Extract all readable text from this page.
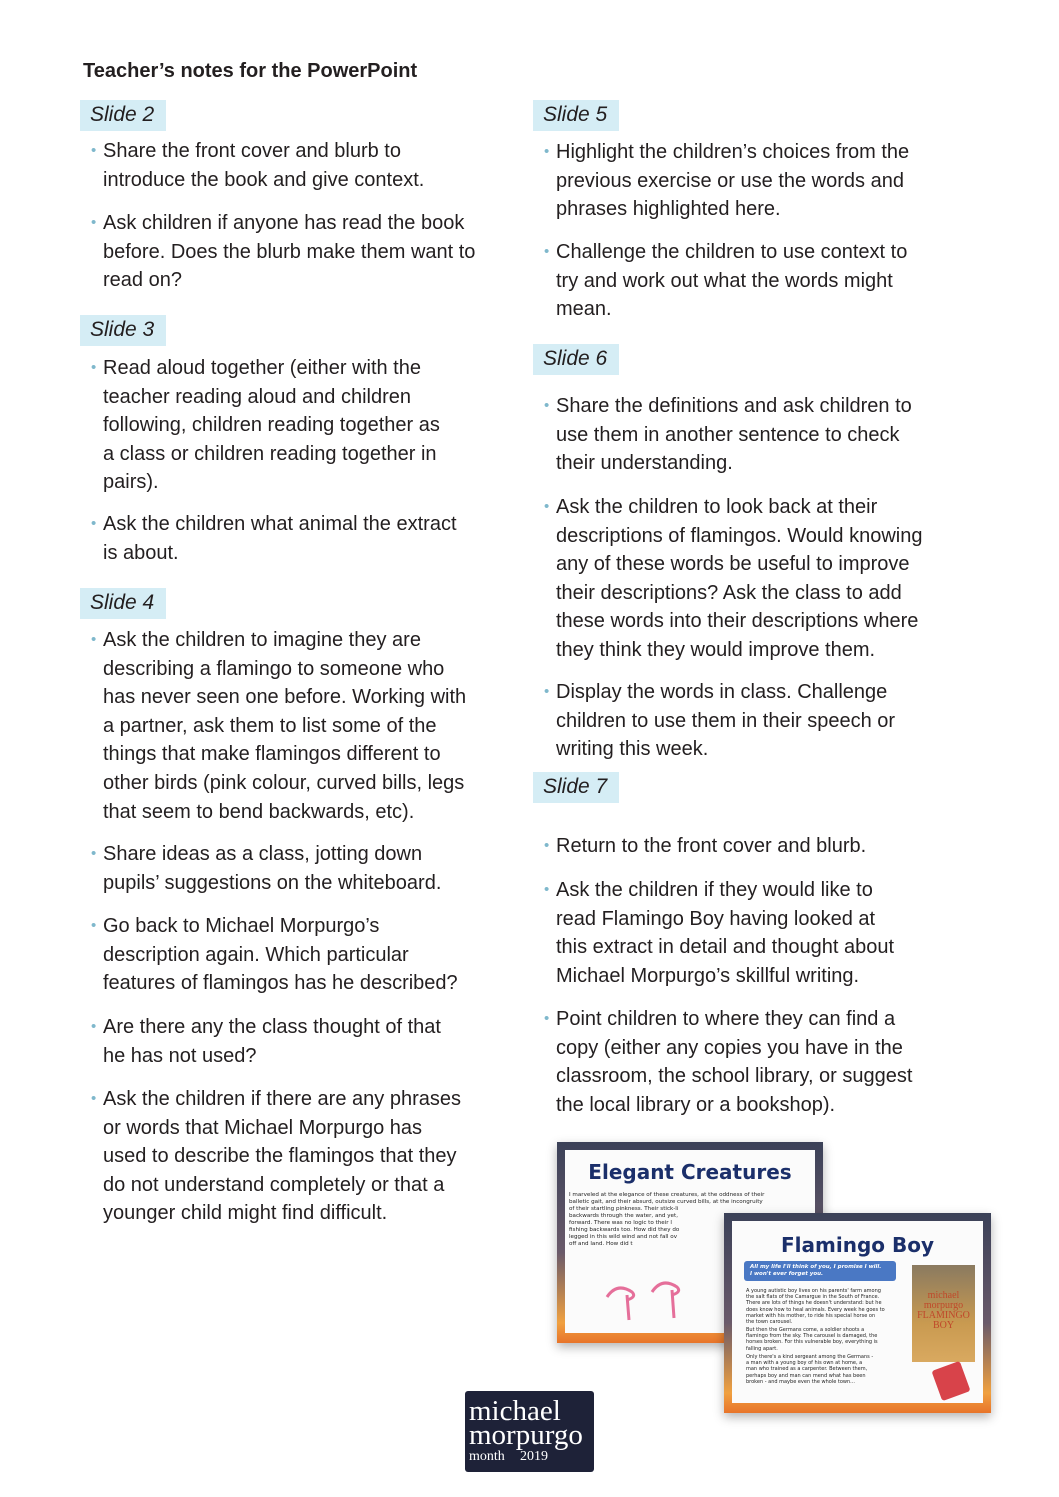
Teacher’s notes for the PowerPoint
Slide 2
• Share the front cover and blurb to
introduce the book and give context.
• Ask children if anyone has read the book
before. Does the blurb make them want to
read on?
Slide 3
• Read aloud together (either with the
teacher reading aloud and children
following, children reading together as
a class or children reading together in
pairs).
• Ask the children what animal the extract
is about.
Slide 4
• Ask the children to imagine they are
describing a flamingo to someone who
has never seen one before. Working with
a partner, ask them to list some of the
things that make flamingos different to
other birds (pink colour, curved bills, legs
that seem to bend backwards, etc).
• Share ideas as a class, jotting down
pupils’ suggestions on the whiteboard.
• Go back to Michael Morpurgo’s
description again. Which particular
features of flamingos has he described?
• Are there any the class thought of that
he has not used?
• Ask the children if there are any phrases
or words that Michael Morpurgo has
used to describe the flamingos that they
do not understand completely or that a
younger child might find difficult.
Slide 5
• Highlight the children’s choices from the
previous exercise or use the words and
phrases highlighted here.
• Challenge the children to use context to
try and work out what the words might
mean.
Slide 6
• Share the definitions and ask children to
use them in another sentence to check
their understanding.
• Ask the children to look back at their
descriptions of flamingos. Would knowing
any of these words be useful to improve
their descriptions? Ask the class to add
these words into their descriptions where
they think they would improve them.
• Display the words in class. Challenge
children to use them in their speech or
writing this week.
Slide 7
• Return to the front cover and blurb.
• Ask the children if they would like to
read Flamingo Boy having looked at
this extract in detail and thought about
Michael Morpurgo’s skillful writing.
• Point children to where they can find a
copy (either any copies you have in the
classroom, the school library, or suggest
the local library or a bookshop).
Elegant Creatures
I marveled at the elegance of these creatures, at the oddness of their
balletic gait, and their absurd, outsize curved bills, at the incongruity
of their startling pinkness. Their stick-li
backwards through the water, and yet,
forward. There was no logic to their l
fishing backwards too. How did they do
legged in this wild wind and not fall ov
off and land. How did t	Flamingo Boy
All my life I'll think of you, I promise I will.
I won't ever forget you.
A young autistic boy lives on his parents' farm among
the salt flats of the Camargue in the South of France.
There are lots of things he doesn't understand: but he
does know how to heal animals. Every week he goes to
market with his mother, to ride his special horse on
the town carousel.
But then the Germans come, a soldier shoots a
flamingo from the sky. The carousel is damaged, the
horses broken. For this vulnerable boy, everything is
falling apart.
Only there's a kind sergeant among the Germans -
a man with a young boy of his own at home, a
man who trained as a carpenter. Between them,
perhaps boy and man can mend what has been
broken - and maybe even the whole town...
michael
morpurgo
FLAMINGO
BOY
michael
morpurgo
month 2019
